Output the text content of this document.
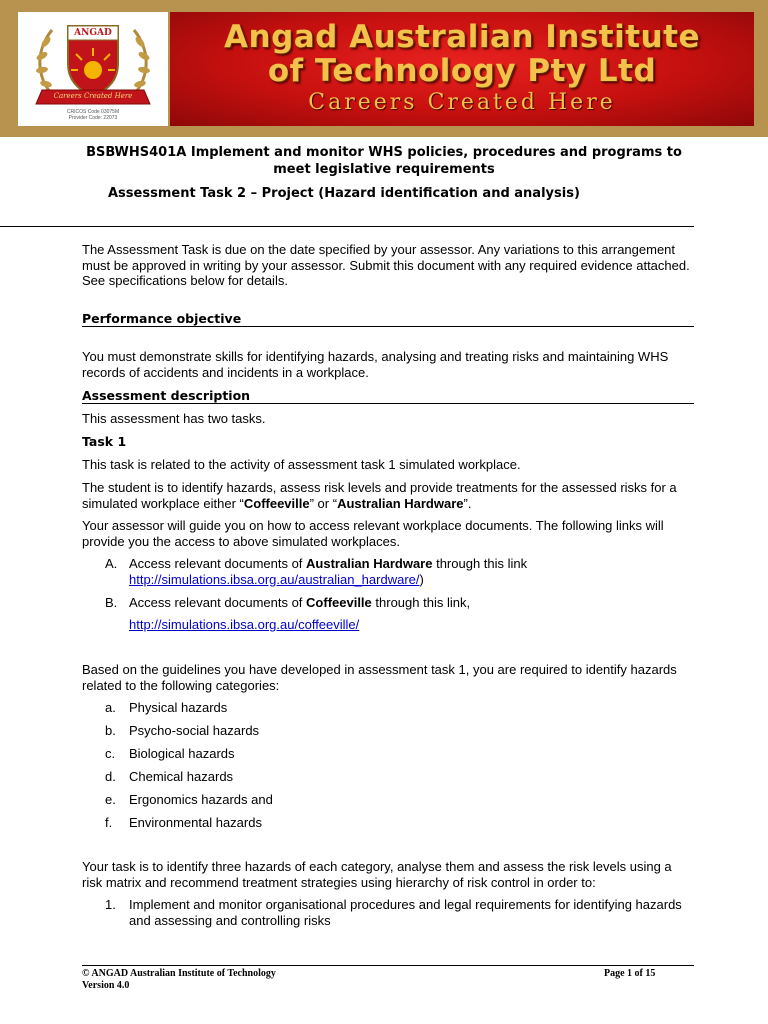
ANGAD
Careers Created Here
CRICOS Code 03075M
Provider Code: 22073
Angad Australian Institute
of Technology Pty Ltd
Careers Created Here
BSBWHS401A Implement and monitor WHS policies, procedures and programs to
meet legislative requirements
Assessment Task 2 – Project (Hazard identification and analysis)

The Assessment Task is due on the date specified by your assessor. Any variations to this arrangement must be approved in writing by your assessor. Submit this document with any required evidence attached. See specifications below for details.

Performance objective

You must demonstrate skills for identifying hazards, analysing and treating risks and maintaining WHS records of accidents and incidents in a workplace.

Assessment description

This assessment has two tasks.

Task 1

This task is related to the activity of assessment task 1 simulated workplace.

The student is to identify hazards, assess risk levels and provide treatments for the assessed risks for a simulated workplace either “Coffeeville” or “Australian Hardware”.

Your assessor will guide you on how to access relevant workplace documents. The following links will provide you the access to above simulated workplaces.

A. Access relevant documents of Australian Hardware through this link
http://simulations.ibsa.org.au/australian_hardware/)

B. Access relevant documents of Coffeeville through this link,

http://simulations.ibsa.org.au/coffeeville/

Based on the guidelines you have developed in assessment task 1, you are required to identify hazards related to the following categories:

a. Physical hazards

b. Psycho-social hazards

c. Biological hazards

d. Chemical hazards

e. Ergonomics hazards and

f. Environmental hazards

Your task is to identify three hazards of each category, analyse them and assess the risk levels using a risk matrix and recommend treatment strategies using hierarchy of risk control in order to:

1. Implement and monitor organisational procedures and legal requirements for identifying hazards and assessing and controlling risks

© ANGAD Australian Institute of Technology
Version 4.0
Page 1 of 15
